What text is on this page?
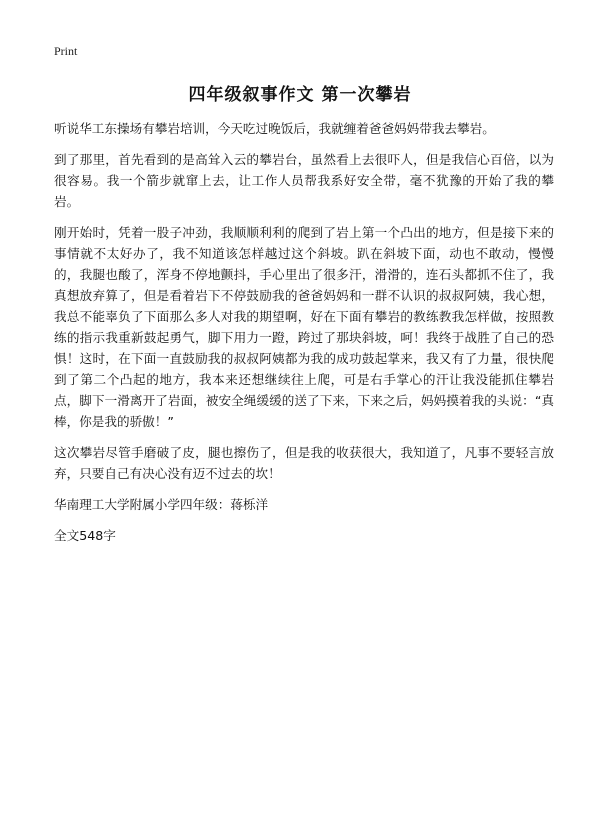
Print
四年级叙事作文 第一次攀岩

听说华工东操场有攀岩培训，今天吃过晚饭后，我就缠着爸爸妈妈带我去攀岩。

到了那里，首先看到的是高耸入云的攀岩台，虽然看上去很吓人，但是我信心百倍，以为很容易。我一个箭步就窜上去，让工作人员帮我系好安全带，毫不犹豫的开始了我的攀岩。

刚开始时，凭着一股子冲劲，我顺顺利利的爬到了岩上第一个凸出的地方，但是接下来的事情就不太好办了，我不知道该怎样越过这个斜坡。趴在斜坡下面，动也不敢动，慢慢的，我腿也酸了，浑身不停地颤抖，手心里出了很多汗，滑滑的，连石头都抓不住了，我真想放弃算了，但是看着岩下不停鼓励我的爸爸妈妈和一群不认识的叔叔阿姨，我心想，我总不能辜负了下面那么多人对我的期望啊，好在下面有攀岩的教练教我怎样做，按照教练的指示我重新鼓起勇气，脚下用力一蹬，跨过了那块斜坡，呵！我终于战胜了自己的恐惧！这时，在下面一直鼓励我的叔叔阿姨都为我的成功鼓起掌来，我又有了力量，很快爬到了第二个凸起的地方，我本来还想继续往上爬，可是右手掌心的汗让我没能抓住攀岩点，脚下一滑离开了岩面，被安全绳缓缓的送了下来，下来之后，妈妈摸着我的头说：“真棒，你是我的骄傲！”

这次攀岩尽管手磨破了皮，腿也擦伤了，但是我的收获很大，我知道了，凡事不要轻言放弃，只要自己有决心没有迈不过去的坎！

华南理工大学附属小学四年级：蒋栎洋

全文548字
